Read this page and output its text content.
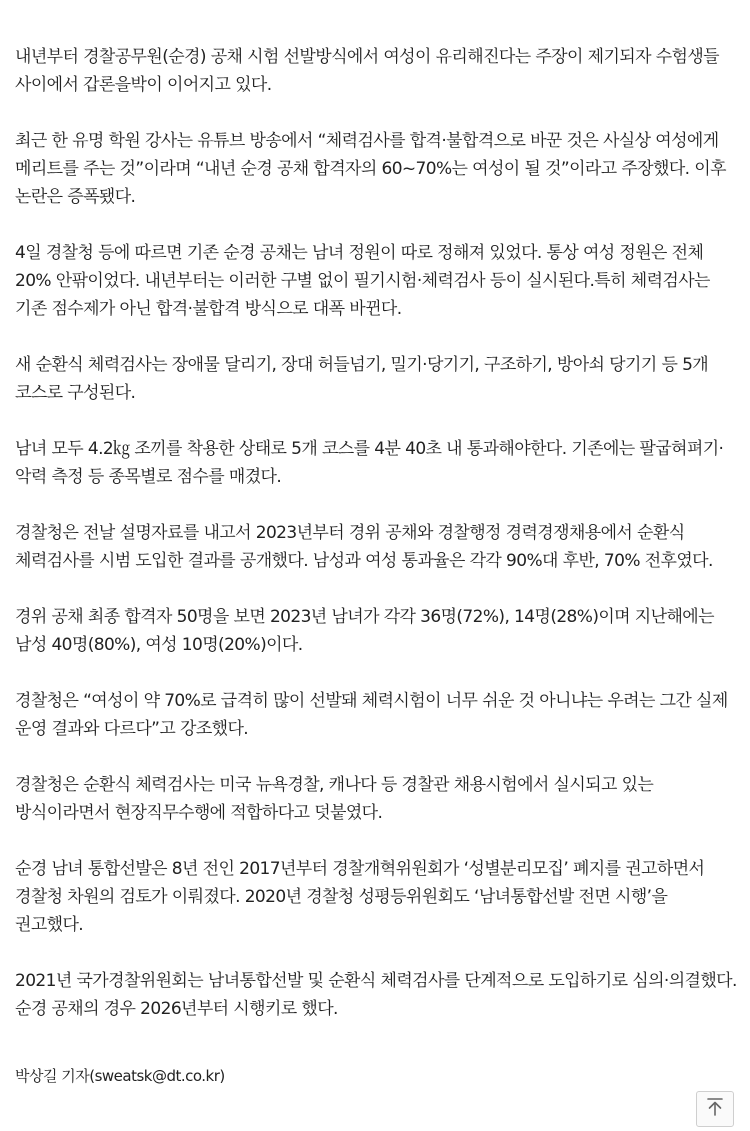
내년부터 경찰공무원(순경) 공채 시험 선발방식에서 여성이 유리해진다는 주장이 제기되자 수험생들 사이에서 갑론을박이 이어지고 있다.

최근 한 유명 학원 강사는 유튜브 방송에서 “체력검사를 합격·불합격으로 바꾼 것은 사실상 여성에게 메리트를 주는 것”이라며 “내년 순경 공채 합격자의 60~70%는 여성이 될 것”이라고 주장했다. 이후 논란은 증폭됐다.

4일 경찰청 등에 따르면 기존 순경 공채는 남녀 정원이 따로 정해져 있었다. 통상 여성 정원은 전체 20% 안팎이었다. 내년부터는 이러한 구별 없이 필기시험·체력검사 등이 실시된다.특히 체력검사는 기존 점수제가 아닌 합격·불합격 방식으로 대폭 바뀐다.

새 순환식 체력검사는 장애물 달리기, 장대 허들넘기, 밀기·당기기, 구조하기, 방아쇠 당기기 등 5개 코스로 구성된다.

남녀 모두 4.2㎏ 조끼를 착용한 상태로 5개 코스를 4분 40초 내 통과해야한다. 기존에는 팔굽혀펴기·악력 측정 등 종목별로 점수를 매겼다.

경찰청은 전날 설명자료를 내고서 2023년부터 경위 공채와 경찰행정 경력경쟁채용에서 순환식 체력검사를 시범 도입한 결과를 공개했다. 남성과 여성 통과율은 각각 90%대 후반, 70% 전후였다.

경위 공채 최종 합격자 50명을 보면 2023년 남녀가 각각 36명(72%), 14명(28%)이며 지난해에는 남성 40명(80%), 여성 10명(20%)이다.

경찰청은 “여성이 약 70%로 급격히 많이 선발돼 체력시험이 너무 쉬운 것 아니냐는 우려는 그간 실제 운영 결과와 다르다”고 강조했다.

경찰청은 순환식 체력검사는 미국 뉴욕경찰, 캐나다 등 경찰관 채용시험에서 실시되고 있는 방식이라면서 현장직무수행에 적합하다고 덧붙였다.

순경 남녀 통합선발은 8년 전인 2017년부터 경찰개혁위원회가 ‘성별분리모집’ 폐지를 권고하면서 경찰청 차원의 검토가 이뤄졌다. 2020년 경찰청 성평등위원회도 ‘남녀통합선발 전면 시행’을 권고했다.

2021년 국가경찰위원회는 남녀통합선발 및 순환식 체력검사를 단계적으로 도입하기로 심의·의결했다. 순경 공채의 경우 2026년부터 시행키로 했다.

박상길 기자(sweatsk@dt.co.kr)
